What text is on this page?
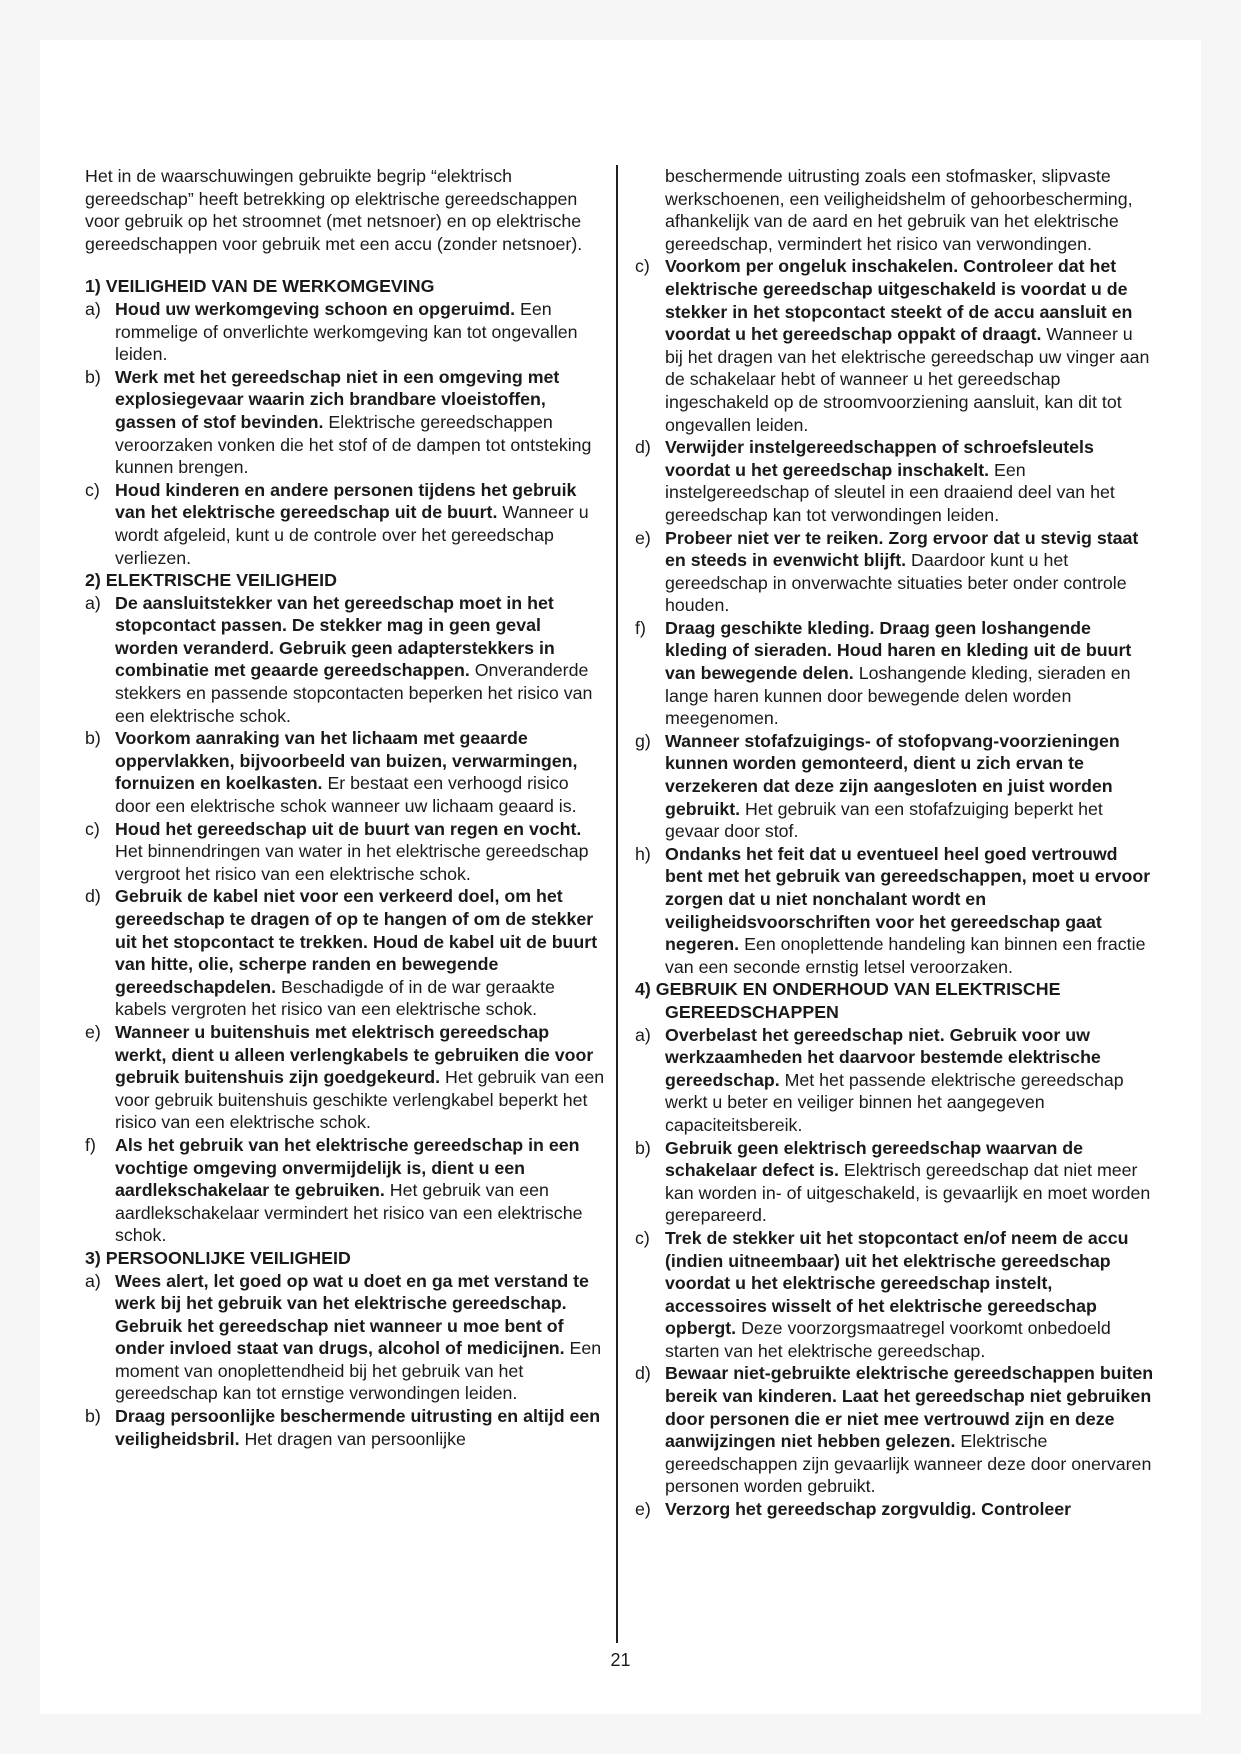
Het in de waarschuwingen gebruikte begrip “elektrisch gereedschap” heeft betrekking op elektrische gereedschappen voor gebruik op het stroomnet (met netsnoer) en op elektrische gereedschappen voor gebruik met een accu (zonder netsnoer).

1) VEILIGHEID VAN DE WERKOMGEVING

a) Houd uw werkomgeving schoon en opgeruimd. Een rommelige of onverlichte werkomgeving kan tot ongevallen leiden.
b) Werk met het gereedschap niet in een omgeving met explosiegevaar waarin zich brandbare vloeistoffen, gassen of stof bevinden. Elektrische gereedschappen veroorzaken vonken die het stof of de dampen tot ontsteking kunnen brengen.
c) Houd kinderen en andere personen tijdens het gebruik van het elektrische gereedschap uit de buurt. Wanneer u wordt afgeleid, kunt u de controle over het gereedschap verliezen.

2) ELEKTRISCHE VEILIGHEID

a) De aansluitstekker van het gereedschap moet in het stopcontact passen. De stekker mag in geen geval worden veranderd. Gebruik geen adapterstekkers in combinatie met geaarde gereedschappen. Onveranderde stekkers en passende stopcontacten beperken het risico van een elektrische schok.
b) Voorkom aanraking van het lichaam met geaarde oppervlakken, bijvoorbeeld van buizen, verwarmingen, fornuizen en koelkasten. Er bestaat een verhoogd risico door een elektrische schok wanneer uw lichaam geaard is.
c) Houd het gereedschap uit de buurt van regen en vocht. Het binnendringen van water in het elektrische gereedschap vergroot het risico van een elektrische schok.
d) Gebruik de kabel niet voor een verkeerd doel, om het gereedschap te dragen of op te hangen of om de stekker uit het stopcontact te trekken. Houd de kabel uit de buurt van hitte, olie, scherpe randen en bewegende gereedschapdelen. Beschadigde of in de war geraakte kabels vergroten het risico van een elektrische schok.
e) Wanneer u buitenshuis met elektrisch gereedschap werkt, dient u alleen verlengkabels te gebruiken die voor gebruik buitenshuis zijn goedgekeurd. Het gebruik van een voor gebruik buitenshuis geschikte verlengkabel beperkt het risico van een elektrische schok.
f) Als het gebruik van het elektrische gereedschap in een vochtige omgeving onvermijdelijk is, dient u een aardlekschakelaar te gebruiken. Het gebruik van een aardlekschakelaar vermindert het risico van een elektrische schok.

3) PERSOONLIJKE VEILIGHEID

a) Wees alert, let goed op wat u doet en ga met verstand te werk bij het gebruik van het elektrische gereedschap. Gebruik het gereedschap niet wanneer u moe bent of onder invloed staat van drugs, alcohol of medicijnen. Een moment van onoplettendheid bij het gebruik van het gereedschap kan tot ernstige verwondingen leiden.
b) Draag persoonlijke beschermende uitrusting en altijd een veiligheidsbril. Het dragen van persoonlijke

beschermende uitrusting zoals een stofmasker, slipvaste werkschoenen, een veiligheidshelm of gehoorbescherming, afhankelijk van de aard en het gebruik van het elektrische gereedschap, vermindert het risico van verwondingen.

c) Voorkom per ongeluk inschakelen. Controleer dat het elektrische gereedschap uitgeschakeld is voordat u de stekker in het stopcontact steekt of de accu aansluit en voordat u het gereedschap oppakt of draagt. Wanneer u bij het dragen van het elektrische gereedschap uw vinger aan de schakelaar hebt of wanneer u het gereedschap ingeschakeld op de stroomvoorziening aansluit, kan dit tot ongevallen leiden.
d) Verwijder instelgereedschappen of schroefsleutels voordat u het gereedschap inschakelt. Een instelgereedschap of sleutel in een draaiend deel van het gereedschap kan tot verwondingen leiden.
e) Probeer niet ver te reiken. Zorg ervoor dat u stevig staat en steeds in evenwicht blijft. Daardoor kunt u het gereedschap in onverwachte situaties beter onder controle houden.
f) Draag geschikte kleding. Draag geen loshangende kleding of sieraden. Houd haren en kleding uit de buurt van bewegende delen. Loshangende kleding, sieraden en lange haren kunnen door bewegende delen worden meegenomen.
g) Wanneer stofafzuigings- of stofopvang-voorzieningen kunnen worden gemonteerd, dient u zich ervan te verzekeren dat deze zijn aangesloten en juist worden gebruikt. Het gebruik van een stofafzuiging beperkt het gevaar door stof.
h) Ondanks het feit dat u eventueel heel goed vertrouwd bent met het gebruik van gereedschappen, moet u ervoor zorgen dat u niet nonchalant wordt en veiligheidsvoorschriften voor het gereedschap gaat negeren. Een onoplettende handeling kan binnen een fractie van een seconde ernstig letsel veroorzaken.

4) GEBRUIK EN ONDERHOUD VAN ELEKTRISCHE GEREEDSCHAPPEN

a) Overbelast het gereedschap niet. Gebruik voor uw werkzaamheden het daarvoor bestemde elektrische gereedschap. Met het passende elektrische gereedschap werkt u beter en veiliger binnen het aangegeven capaciteitsbereik.
b) Gebruik geen elektrisch gereedschap waarvan de schakelaar defect is. Elektrisch gereedschap dat niet meer kan worden in- of uitgeschakeld, is gevaarlijk en moet worden gerepareerd.
c) Trek de stekker uit het stopcontact en/of neem de accu (indien uitneembaar) uit het elektrische gereedschap voordat u het elektrische gereedschap instelt, accessoires wisselt of het elektrische gereedschap opbergt. Deze voorzorgsmaatregel voorkomt onbedoeld starten van het elektrische gereedschap.
d) Bewaar niet-gebruikte elektrische gereedschappen buiten bereik van kinderen. Laat het gereedschap niet gebruiken door personen die er niet mee vertrouwd zijn en deze aanwijzingen niet hebben gelezen. Elektrische gereedschappen zijn gevaarlijk wanneer deze door onervaren personen worden gebruikt.
e) Verzorg het gereedschap zorgvuldig. Controleer
21
